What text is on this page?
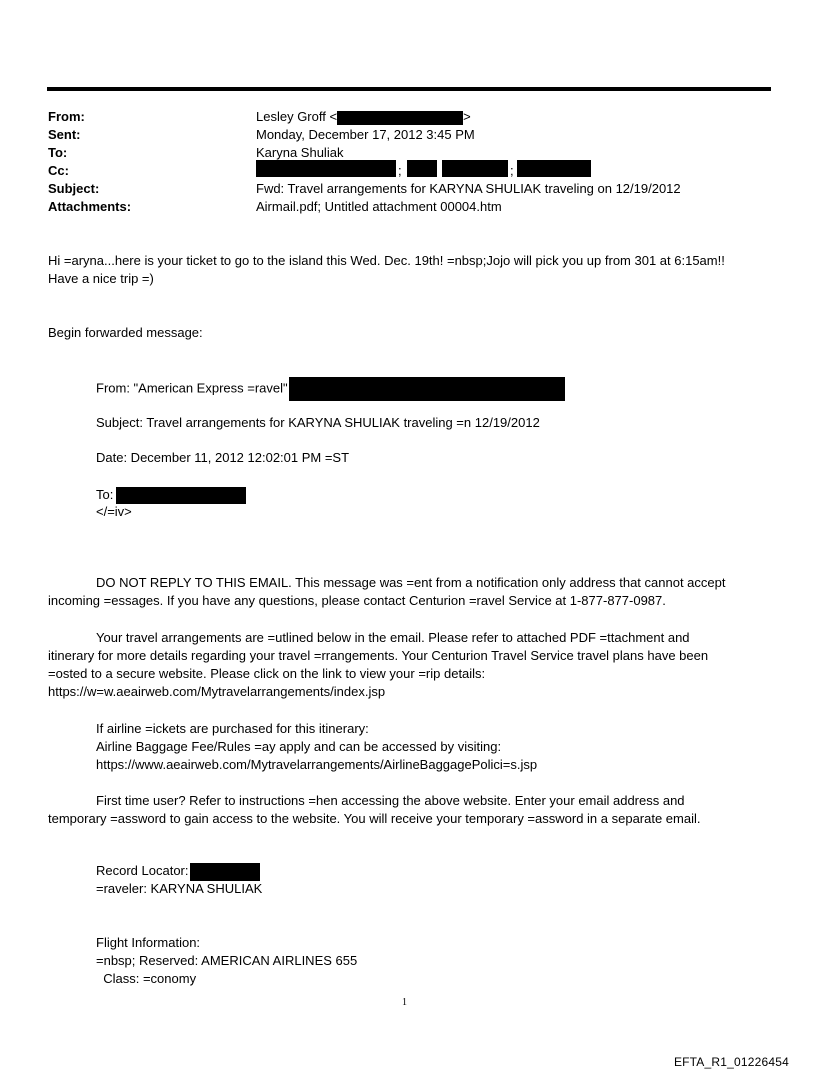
From:	Lesley Groff <	>
Sent:	Monday, December 17, 2012 3:45 PM
To:	Karyna Shuliak
Cc:	;	;
Subject:	Fwd: Travel arrangements for KARYNA SHULIAK traveling on 12/19/2012
Attachments:	Airmail.pdf; Untitled attachment 00004.htm
Hi =aryna...here is your ticket to go to the island this Wed. Dec. 19th! =nbsp;Jojo will pick you up from 301 at 6:15am!!
Have a nice trip =)
Begin forwarded message:
From: "American Express =ravel"
Subject: Travel arrangements for KARYNA SHULIAK traveling =n 12/19/2012
Date: December 11, 2012 12:02:01 PM =ST
To:
</=iv>
DO NOT REPLY TO THIS EMAIL. This message was =ent from a notification only address that cannot accept
incoming =essages. If you have any questions, please contact Centurion =ravel Service at 1-877-877-0987.
Your travel arrangements are =utlined below in the email. Please refer to attached PDF =ttachment and
itinerary for more details regarding your travel =rrangements. Your Centurion Travel Service travel plans have been
=osted to a secure website. Please click on the link to view your =rip details:
https://w=w.aeairweb.com/Mytravelarrangements/index.jsp
If airline =ickets are purchased for this itinerary:
Airline Baggage Fee/Rules =ay apply and can be accessed by visiting:
https://www.aeairweb.com/Mytravelarrangements/AirlineBaggagePolici=s.jsp
First time user? Refer to instructions =hen accessing the above website. Enter your email address and
temporary =assword to gain access to the website. You will receive your temporary =assword in a separate email.
Record Locator:
=raveler: KARYNA SHULIAK
Flight Information:
=nbsp; Reserved: AMERICAN AIRLINES 655
Class: =conomy
1
EFTA_R1_01226454
